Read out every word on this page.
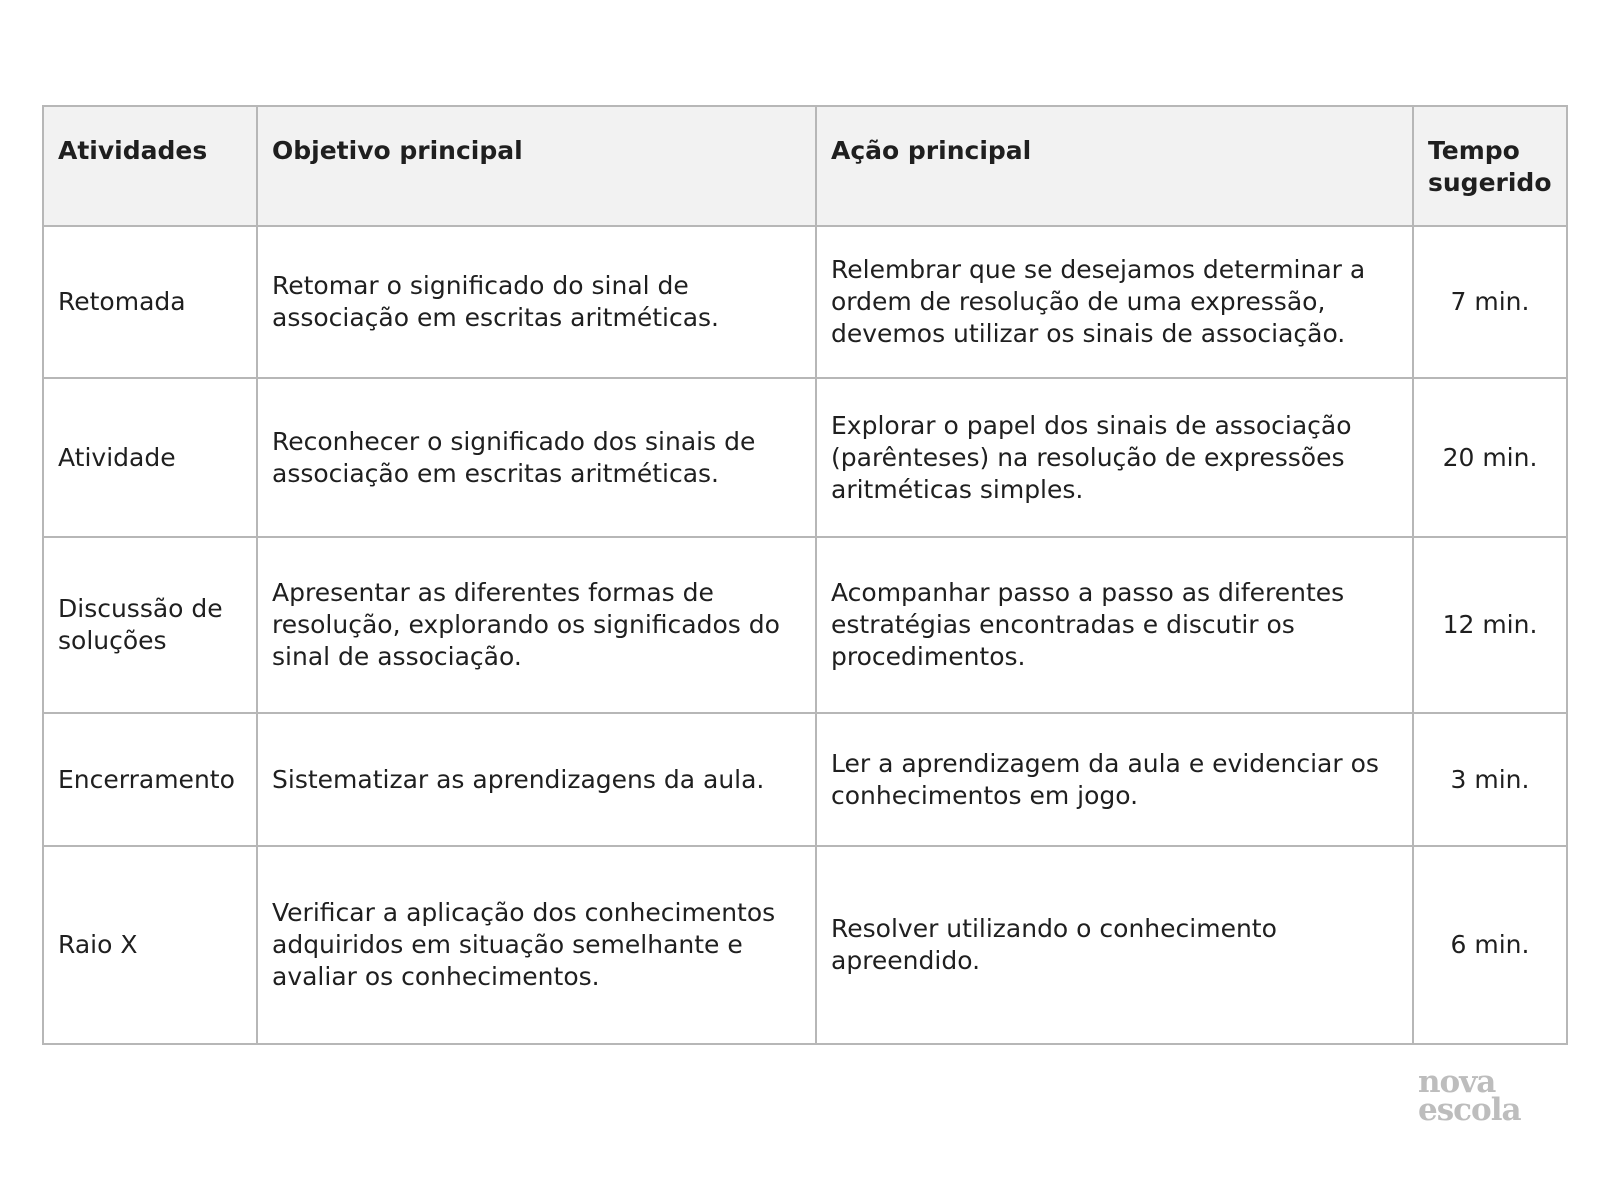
Atividades	Objetivo principal	Ação principal	Tempo sugerido
Retomada	Retomar o significado do sinal de associação em escritas aritméticas.	Relembrar que se desejamos determinar a ordem de resolução de uma expressão, devemos utilizar os sinais de associação.	7 min.
Atividade	Reconhecer o significado dos sinais de associação em escritas aritméticas.	Explorar o papel dos sinais de associação (parênteses) na resolução de expressões aritméticas simples.	20 min.
Discussão de soluções	Apresentar as diferentes formas de resolução, explorando os significados do sinal de associação.	Acompanhar passo a passo as diferentes estratégias encontradas e discutir os procedimentos.	12 min.
Encerramento	Sistematizar as aprendizagens da aula.	Ler a aprendizagem da aula e evidenciar os conhecimentos em jogo.	3 min.
Raio X	Verificar a aplicação dos conhecimentos adquiridos em situação semelhante e avaliar os conhecimentos.	Resolver utilizando o conhecimento apreendido.	6 min.
nova
escola
